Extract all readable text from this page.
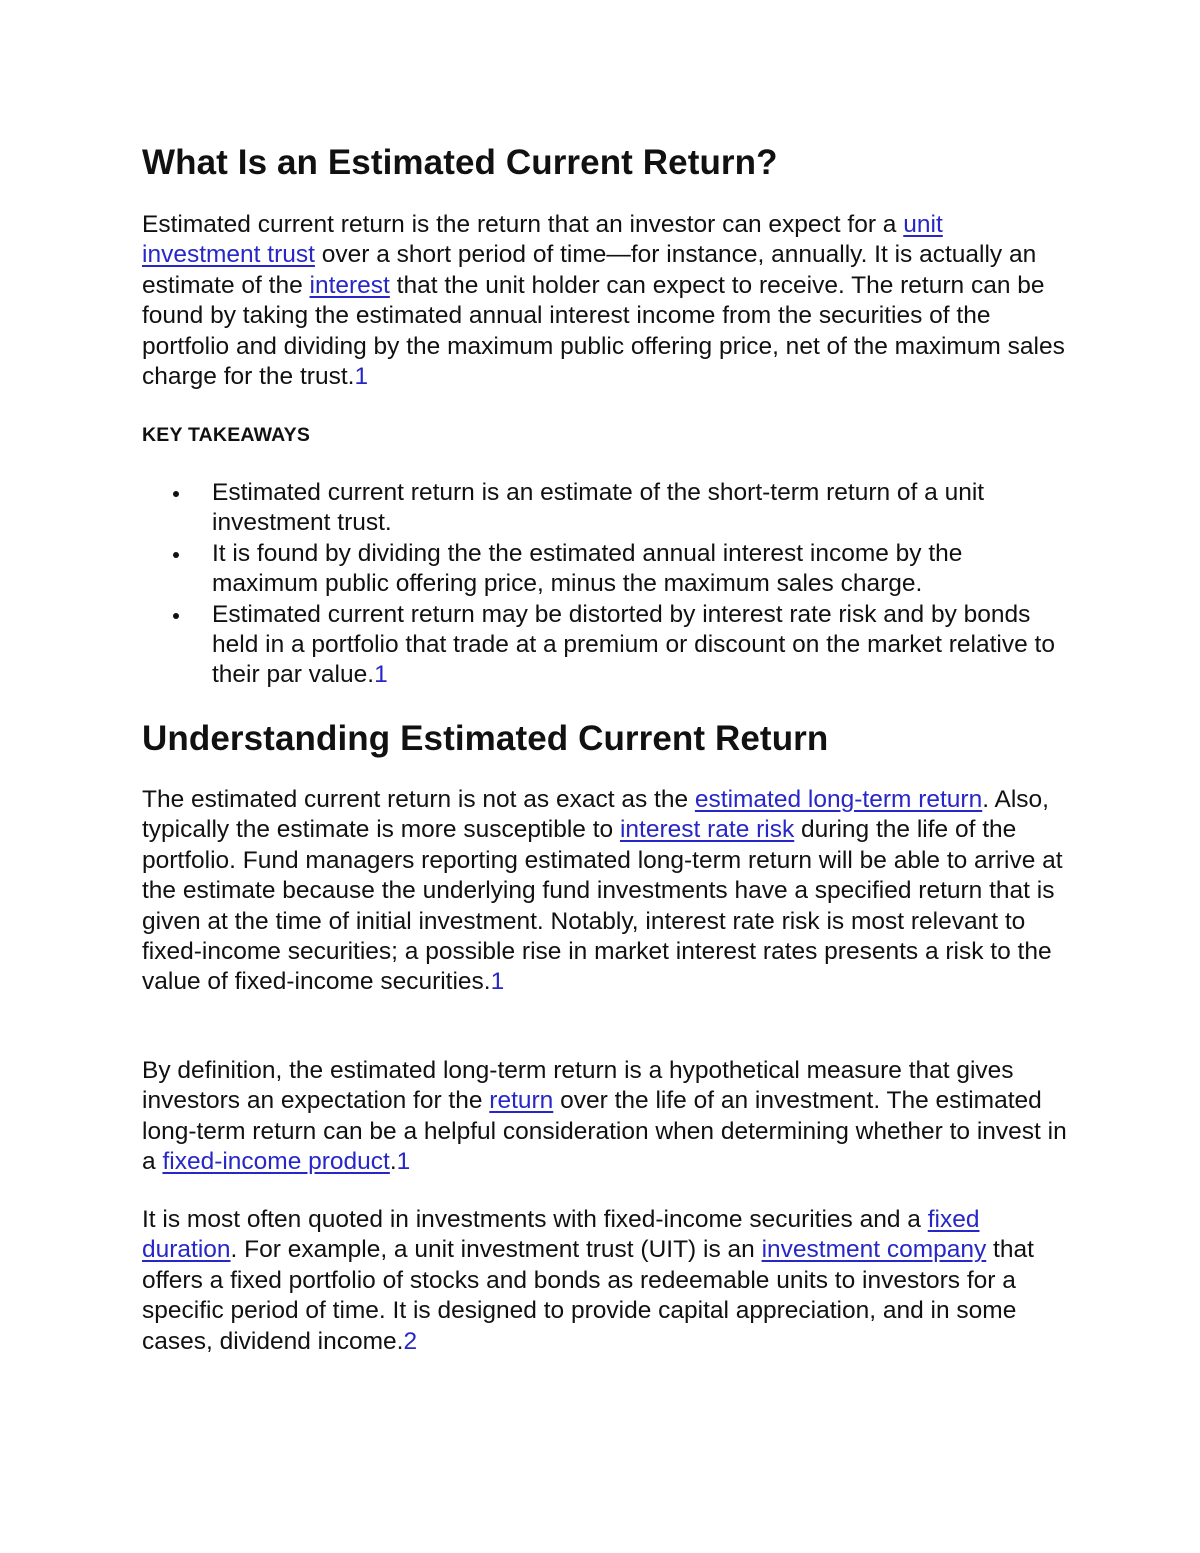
What Is an Estimated Current Return?

Estimated current return is the return that an investor can expect for a unit investment trust over a short period of time—for instance, annually. It is actually an estimate of the interest that the unit holder can expect to receive. The return can be found by taking the estimated annual interest income from the securities of the portfolio and dividing by the maximum public offering price, net of the maximum sales charge for the trust.1

KEY TAKEAWAYS
Estimated current return is an estimate of the short-term return of a unit investment trust.
It is found by dividing the the estimated annual interest income by the maximum public offering price, minus the maximum sales charge.
Estimated current return may be distorted by interest rate risk and by bonds held in a portfolio that trade at a premium or discount on the market relative to their par value.1
Understanding Estimated Current Return

The estimated current return is not as exact as the estimated long-term return. Also, typically the estimate is more susceptible to interest rate risk during the life of the portfolio. Fund managers reporting estimated long-term return will be able to arrive at the estimate because the underlying fund investments have a specified return that is given at the time of initial investment. Notably, interest rate risk is most relevant to fixed-income securities; a possible rise in market interest rates presents a risk to the value of fixed-income securities.1

By definition, the estimated long-term return is a hypothetical measure that gives investors an expectation for the return over the life of an investment. The estimated long-term return can be a helpful consideration when determining whether to invest in a fixed-income product.1

It is most often quoted in investments with fixed-income securities and a fixed duration. For example, a unit investment trust (UIT) is an investment company that offers a fixed portfolio of stocks and bonds as redeemable units to investors for a specific period of time. It is designed to provide capital appreciation, and in some cases, dividend income.2
